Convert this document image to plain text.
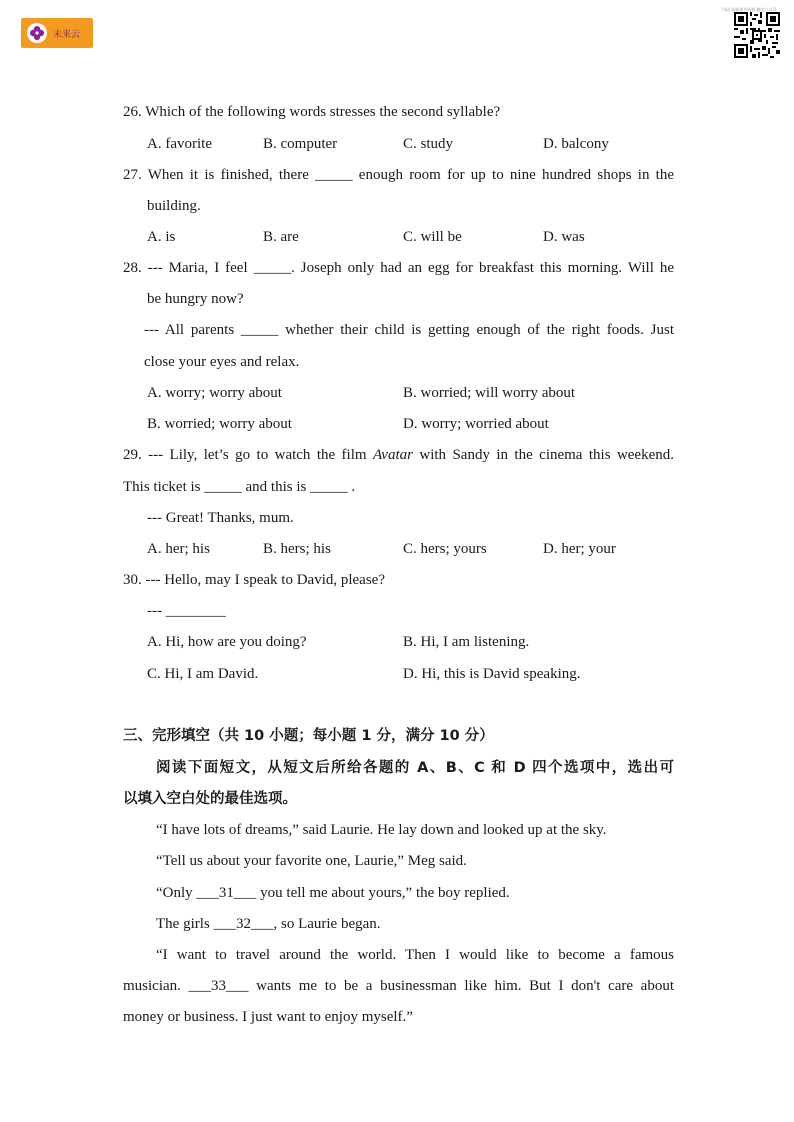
未来云
扫码·获取更多资料·微信公众号
26. Which of the following words stresses the second syllable?
A. favorite	B. computer	C. study	D. balcony
27. When it is finished, there _____ enough room for up to nine hundred shops in the
building.
A. is	B. are	C. will be	D. was
28. --- Maria, I feel _____. Joseph only had an egg for breakfast this morning. Will he
be hungry now?
--- All parents _____ whether their child is getting enough of the right foods. Just
close your eyes and relax.
A. worry; worry about	B. worried; will worry about
B. worried; worry about	D. worry; worried about
29. --- Lily, let’s go to watch the film Avatar with Sandy in the cinema this weekend.
This ticket is _____ and this is _____ .
--- Great! Thanks, mum.
A. her; his	B. hers; his	C. hers; yours	D. her; your
30. --- Hello, may I speak to David, please?
--- ________
A. Hi, how are you doing?	B. Hi, I am listening.
C. Hi, I am David.	D. Hi, this is David speaking.
三、完形填空（共 10 小题；每小题 1 分，满分 10 分）
阅读下面短文，从短文后所给各题的 A、B、C 和 D 四个选项中，选出可
以填入空白处的最佳选项。
“I have lots of dreams,” said Laurie. He lay down and looked up at the sky.
“Tell us about your favorite one, Laurie,” Meg said.
“Only ___31___ you tell me about yours,” the boy replied.
The girls ___32___, so Laurie began.
“I want to travel around the world. Then I would like to become a famous
musician. ___33___ wants me to be a businessman like him. But I don't care about
money or business. I just want to enjoy myself.”
